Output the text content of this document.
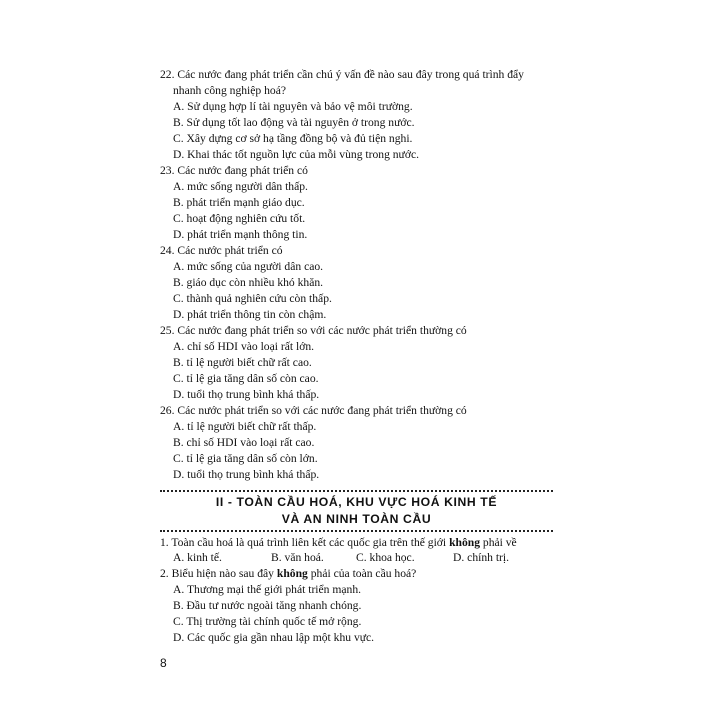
22. Các nước đang phát triển cần chú ý vấn đề nào sau đây trong quá trình đẩy
nhanh công nghiệp hoá?
A. Sử dụng hợp lí tài nguyên và bảo vệ môi trường.
B. Sử dụng tốt lao động và tài nguyên ở trong nước.
C. Xây dựng cơ sở hạ tầng đồng bộ và đủ tiện nghi.
D. Khai thác tốt nguồn lực của mỗi vùng trong nước.
23. Các nước đang phát triển có
A. mức sống người dân thấp.
B. phát triển mạnh giáo dục.
C. hoạt động nghiên cứu tốt.
D. phát triển mạnh thông tin.
24. Các nước phát triển có
A. mức sống của người dân cao.
B. giáo dục còn nhiều khó khăn.
C. thành quả nghiên cứu còn thấp.
D. phát triển thông tin còn chậm.
25. Các nước đang phát triển so với các nước phát triển thường có
A. chỉ số HDI vào loại rất lớn.
B. tỉ lệ người biết chữ rất cao.
C. tỉ lệ gia tăng dân số còn cao.
D. tuổi thọ trung bình khá thấp.
26. Các nước phát triển so với các nước đang phát triển thường có
A. tỉ lệ người biết chữ rất thấp.
B. chỉ số HDI vào loại rất cao.
C. tỉ lệ gia tăng dân số còn lớn.
D. tuổi thọ trung bình khá thấp.
II - TOÀN CẦU HOÁ, KHU VỰC HOÁ KINH TẾ
VÀ AN NINH TOÀN CẦU
1. Toàn cầu hoá là quá trình liên kết các quốc gia trên thế giới không phải về
A. kinh tế.	B. văn hoá.	C. khoa học.	D. chính trị.
2. Biểu hiện nào sau đây không phải của toàn cầu hoá?
A. Thương mại thế giới phát triển mạnh.
B. Đầu tư nước ngoài tăng nhanh chóng.
C. Thị trường tài chính quốc tế mở rộng.
D. Các quốc gia gần nhau lập một khu vực.
8
